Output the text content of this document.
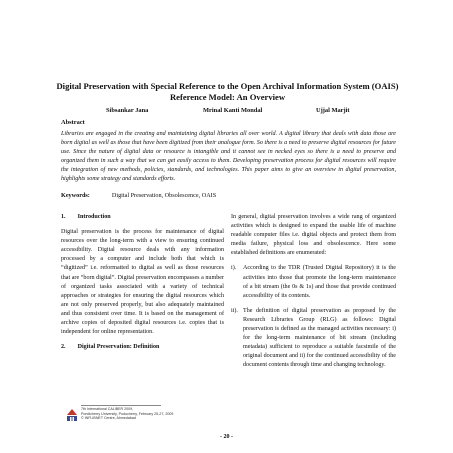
Digital Preservation with Special Reference to the Open Archival Information System (OAIS) Reference Model: An Overview
Sibsankar Jana	Mrinal Kanti Mondal	Ujjal Marjit
Abstract
Libraries are engaged in the creating and maintaining digital libraries all over world. A digital library that deals with data those are born digital as well as those that have been digitized from their analogue form. So there is a need to preserve digital resources for future use. Since the nature of digital data or resource is intangible and it cannot see in necked eyes so there is a need to preserve and organized them in such a way that we can get easily access to them. Developing preservation process for digital resources will require the integration of new methods, policies, standards, and technologies. This paper aims to give an overview in digital preservation, highlights some strategy and standards efforts.
Keywords:	Digital Preservation, Obsolescence, OAIS
1. Introduction
Digital preservation is the process for maintenance of digital resources over the long-term with a view to ensuring continued accessibility. Digital resource deals with any information processed by a computer and include both that which is “digitized” i.e. reformatted to digital as well as those resources that are “born digital”. Digital preservation encompasses a number of organized tasks associated with a variety of technical approaches or strategies for ensuring the digital resources which are not only preserved properly, but also adequately maintained and thus consistent over time. It is based on the management of archive copies of deposited digital resources i.e. copies that is independent for online representation.
2. Digital Preservation: Definition
In general, digital preservation involves a wide rang of organized activities which is designed to expand the usable life of machine readable computer files i.e. digital objects and protect them from media failure, physical loss and obsolescence. Here some established definitions are enumerated:
i). According to the TDR (Trusted Digital Repository) it is the activities into those that promote the long-term maintenance of a bit stream (the 0s & 1s) and those that provide continued accessibility of its contents.
ii). The definition of digital preservation as proposed by the Research Libraries Group (RLG) as follows: Digital preservation is defined as the managed activities necessary: i) for the long-term maintenance of bit stream (including metadata) sufficient to reproduce a suitable facsimile of the original document and ii) for the continued accessibility of the document contents through time and changing technology.
7th International CALIBER 2009,
Pondicherry University, Puducherry, February 25-27, 2009
© INFLIBNET Centre, Ahmedabad
- 20 -
